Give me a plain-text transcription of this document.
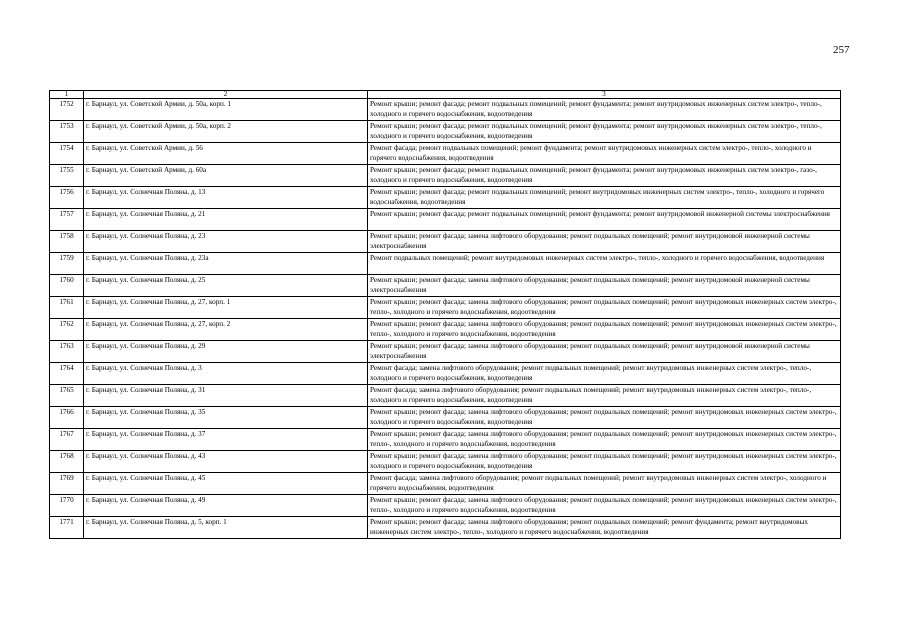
257
1	2	3
1752	г. Барнаул, ул. Советской Армии, д. 50а, корп. 1	Ремонт крыши; ремонт фасада; ремонт подвальных помещений; ремонт фундамента; ремонт внутридомовых инженерных систем электро-, тепло-, холодного и горячего водоснабжения, водоотведения
1753	г. Барнаул, ул. Советской Армии, д. 50а, корп. 2	Ремонт крыши; ремонт фасада; ремонт подвальных помещений; ремонт фундамента; ремонт внутридомовых инженерных систем электро-, тепло-, холодного и горячего водоснабжения, водоотведения
1754	г. Барнаул, ул. Советской Армии, д. 56	Ремонт фасада; ремонт подвальных помещений; ремонт фундамента; ремонт внутридомовых инженерных систем электро-, тепло-, холодного и горячего водоснабжения, водоотведения
1755	г. Барнаул, ул. Советской Армии, д. 60а	Ремонт крыши; ремонт фасада; ремонт подвальных помещений; ремонт фундамента; ремонт внутридомовых инженерных систем электро-, газо-, холодного и горячего водоснабжения, водоотведения
1756	г. Барнаул, ул. Солнечная Поляна, д. 13	Ремонт крыши; ремонт фасада; ремонт подвальных помещений; ремонт внутридомовых инженерных систем электро-, тепло-, холодного и горячего водоснабжения, водоотведения
1757	г. Барнаул, ул. Солнечная Поляна, д. 21	Ремонт крыши; ремонт фасада; ремонт подвальных помещений; ремонт фундамента; ремонт внутридомовой инженерной системы электроснабжения
1758	г. Барнаул, ул. Солнечная Поляна, д. 23	Ремонт крыши; ремонт фасада; замена лифтового оборудования; ремонт подвальных помещений; ремонт внутридомовой инженерной системы электроснабжения
1759	г. Барнаул, ул. Солнечная Поляна, д. 23а	Ремонт подвальных помещений; ремонт внутридомовых инженерных систем электро-, тепло-, холодного и горячего водоснабжения, водоотведения
1760	г. Барнаул, ул. Солнечная Поляна, д. 25	Ремонт крыши; ремонт фасада; замена лифтового оборудования; ремонт подвальных помещений; ремонт внутридомовой инженерной системы электроснабжения
1761	г. Барнаул, ул. Солнечная Поляна, д. 27, корп. 1	Ремонт крыши; ремонт фасада; замена лифтового оборудования; ремонт подвальных помещений; ремонт внутридомовых инженерных систем электро-, тепло-, холодного и горячего водоснабжения, водоотведения
1762	г. Барнаул, ул. Солнечная Поляна, д. 27, корп. 2	Ремонт крыши; ремонт фасада; замена лифтового оборудования; ремонт подвальных помещений; ремонт внутридомовых инженерных систем электро-, тепло-, холодного и горячего водоснабжения, водоотведения
1763	г. Барнаул, ул. Солнечная Поляна, д. 29	Ремонт крыши; ремонт фасада; замена лифтового оборудования; ремонт подвальных помещений; ремонт внутридомовой инженерной системы электроснабжения
1764	г. Барнаул, ул. Солнечная Поляна, д. 3	Ремонт фасада; замена лифтового оборудования; ремонт подвальных помещений; ремонт внутридомовых инженерных систем электро-, тепло-, холодного и горячего водоснабжения, водоотведения
1765	г. Барнаул, ул. Солнечная Поляна, д. 31	Ремонт фасада; замена лифтового оборудования; ремонт подвальных помещений; ремонт внутридомовых инженерных систем электро-, тепло-, холодного и горячего водоснабжения, водоотведения
1766	г. Барнаул, ул. Солнечная Поляна, д. 35	Ремонт крыши; ремонт фасада; замена лифтового оборудования; ремонт подвальных помещений; ремонт внутридомовых инженерных систем электро-, холодного и горячего водоснабжения, водоотведения
1767	г. Барнаул, ул. Солнечная Поляна, д. 37	Ремонт крыши; ремонт фасада; замена лифтового оборудования; ремонт подвальных помещений; ремонт внутридомовых инженерных систем электро-, тепло-, холодного и горячего водоснабжения, водоотведения
1768	г. Барнаул, ул. Солнечная Поляна, д. 43	Ремонт крыши; ремонт фасада; замена лифтового оборудования; ремонт подвальных помещений; ремонт внутридомовых инженерных систем электро-, холодного и горячего водоснабжения, водоотведения
1769	г. Барнаул, ул. Солнечная Поляна, д. 45	Ремонт фасада; замена лифтового оборудования; ремонт подвальных помещений; ремонт внутридомовых инженерных систем электро-, холодного и горячего водоснабжения, водоотведения
1770	г. Барнаул, ул. Солнечная Поляна, д. 49	Ремонт крыши; ремонт фасада; замена лифтового оборудования; ремонт подвальных помещений; ремонт внутридомовых инженерных систем электро-, тепло-, холодного и горячего водоснабжения, водоотведения
1771	г. Барнаул, ул. Солнечная Поляна, д. 5, корп. 1	Ремонт крыши; ремонт фасада; замена лифтового оборудования; ремонт подвальных помещений; ремонт фундамента; ремонт внутридомовых инженерных систем электро-, тепло-, холодного и горячего водоснабжения, водоотведения
